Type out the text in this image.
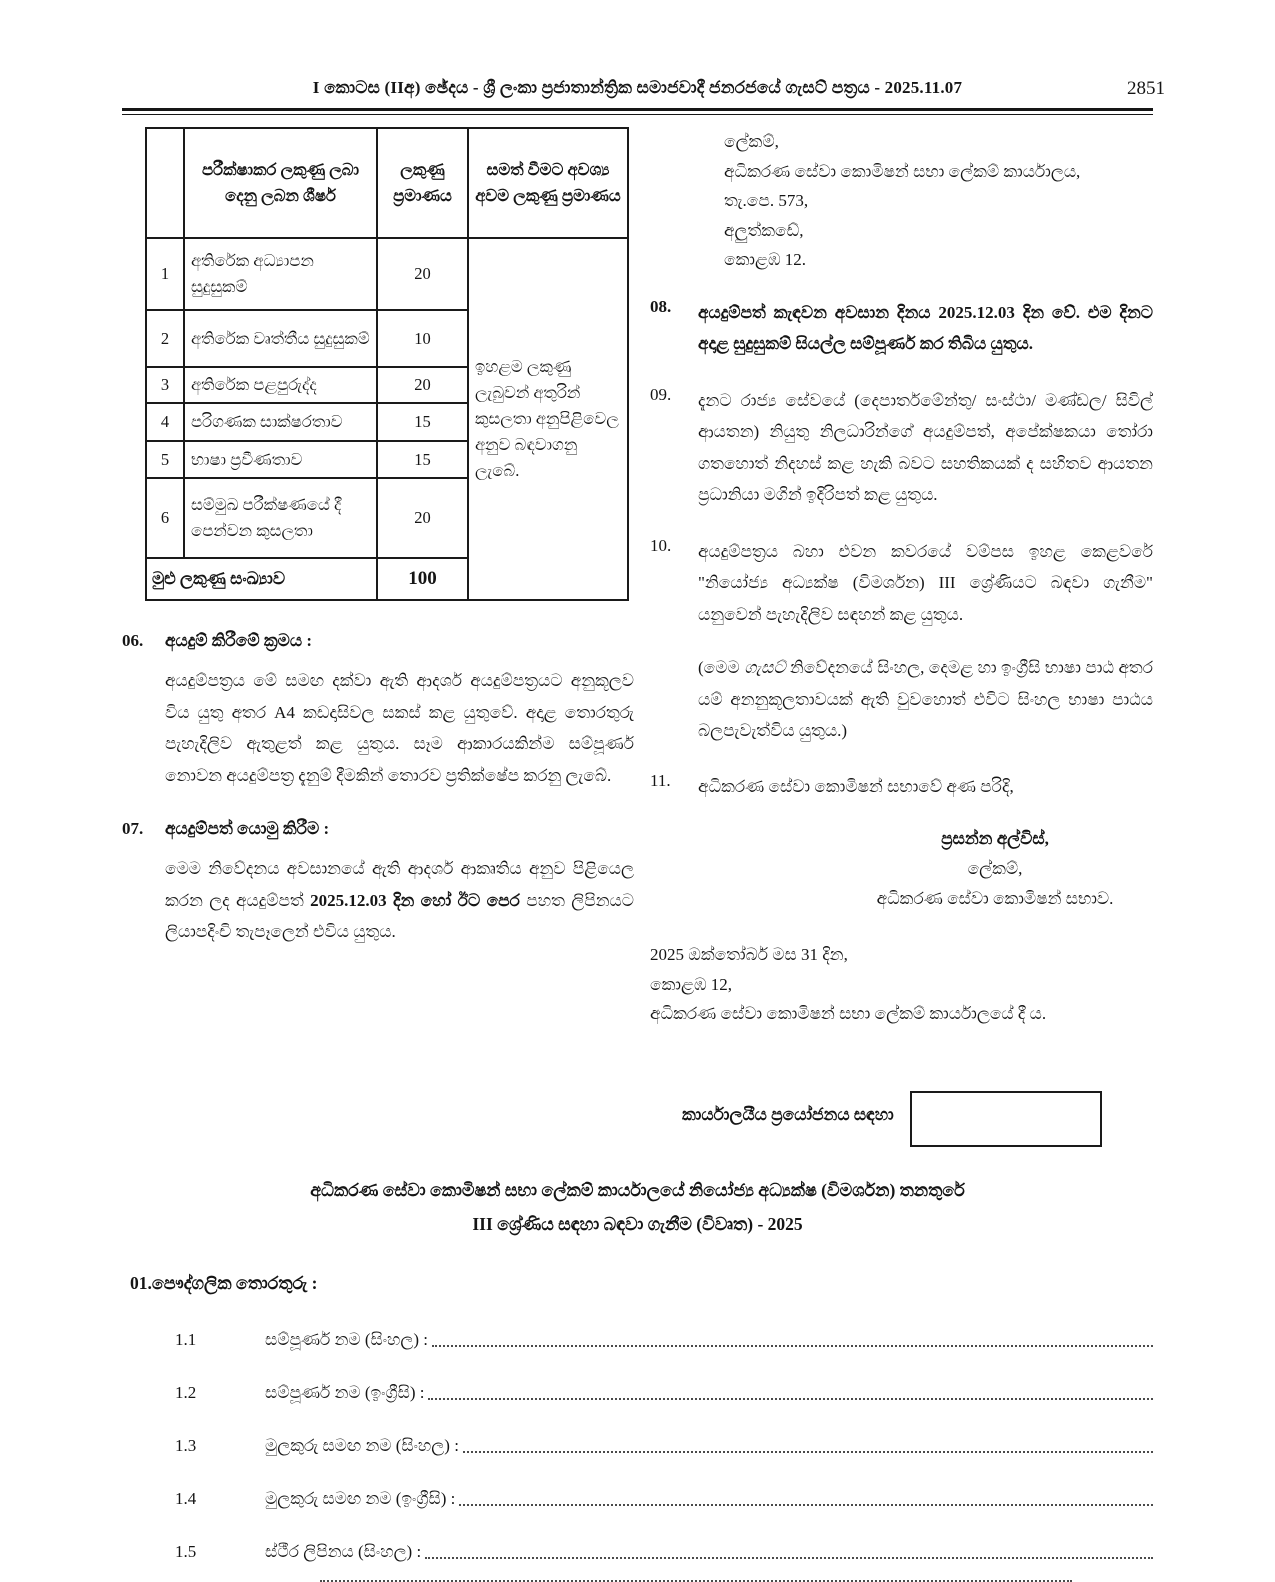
I කොටස (IIඅ) ඡේදය - ශ්‍රී ලංකා ප්‍රජාතාන්ත්‍රික සමාජවාදී ජනරජයේ ගැසට් පත්‍රය - 2025.11.07	2851
	පරීක්ෂාකර ලකුණු ලබා දෙනු ලබන ශීර්ෂ	ලකුණු ප්‍රමාණය	සමත් වීමට අවශ්‍ය අවම ලකුණු ප්‍රමාණය
1	අතිරේක අධ්‍යාපන සුදුසුකම්	20	ඉහළම ලකුණු ලැබුවන් අතුරින් කුසලතා අනුපිළිවෙල අනුව බඳවාගනු ලැබේ.
2	අතිරේක වෘත්තීය සුදුසුකම්	10	
3	අතිරේක පළපුරුද්ද	20	
4	පරිගණක සාක්ෂරතාව	15	
5	භාෂා ප්‍රවීණතාව	15	
6	සම්මුඛ පරීක්ෂණයේ දී පෙන්වන කුසලතා	20	
මුළු ලකුණු සංඛ්‍යාව		100	
06.	අයදුම් කිරීමේ ක්‍රමය :
අයදුම්පත්‍රය මේ සමඟ දක්වා ඇති ආදර්ශ අයදුම්පත්‍රයට අනුකූලව විය යුතු අතර A4 කඩදාසිවල සකස් කළ යුතුවේ. අදාළ තොරතුරු පැහැදිලිව ඇතුළත් කළ යුතුය. සෑම ආකාරයකින්ම සම්පූර්ණ නොවන අයදුම්පත්‍ර දැනුම් දීමකින් තොරව ප්‍රතික්ෂේප කරනු ලැබේ.
07.	අයදුම්පත් යොමු කිරීම :
මෙම නිවේදනය අවසානයේ ඇති ආදර්ශ ආකෘතිය අනුව පිළියෙල කරන ලද අයදුම්පත් 2025.12.03 දින හෝ ඊට පෙර පහත ලිපිනයට ලියාපදිංචි තැපෑලෙන් එවිය යුතුය.
ලේකම්,
අධිකරණ සේවා කොමිෂන් සභා ලේකම් කාර්යාලය,
තැ.පෙ. 573,
අලුත්කඩේ,
කොළඹ 12.
08.	අයදුම්පත් කැඳවන අවසාන දිනය 2025.12.03 දින වේ. එම දිනට අදාළ සුදුසුකම් සියල්ල සම්පූර්ණ කර තිබිය යුතුය.
09.	දැනට රාජ්‍ය සේවයේ (දෙපාර්තමේන්තු/ සංස්ථා/ මණ්ඩල/ සිවිල් ආයතන) නියුතු නිලධාරින්ගේ අයදුම්පත්, අපේක්ෂකයා තෝරා ගතහොත් නිදහස් කළ හැකි බවට සහතිකයක් ද සහිතව ආයතන ප්‍රධානියා මගින් ඉදිරිපත් කළ යුතුය.
10.	අයදුම්පත්‍රය බහා එවන කවරයේ වම්පස ඉහළ කෙළවරේ "නියෝජ්‍ය අධ්‍යක්ෂ (විමර්ශන) III ශ්‍රේණියට බඳවා ගැනීම" යනුවෙන් පැහැදිලිව සඳහන් කළ යුතුය.
(මෙම ගැසට් නිවේදනයේ සිංහල, දෙමළ හා ඉංග්‍රීසි භාෂා පාඨ අතර යම් අනනුකූලතාවයක් ඇති වුවහොත් එවිට සිංහල භාෂා පාඨය බලපැවැත්විය යුතුය.)
11.	අධිකරණ සේවා කොමිෂන් සභාවේ අණ පරිදි,
ප්‍රසන්න අල්විස්,
ලේකම්,
අධිකරණ සේවා කොමිෂන් සභාව.
2025 ඔක්තෝබර් මස 31 දින,
කොළඹ 12,
අධිකරණ සේවා කොමිෂන් සභා ලේකම් කාර්යාලයේ දී ය.
කාර්යාලයීය ප්‍රයෝජනය සඳහා
අධිකරණ සේවා කොමිෂන් සභා ලේකම් කාර්යාලයේ නියෝජ්‍ය අධ්‍යක්ෂ (විමර්ශන) තනතුරේ
III ශ්‍රේණිය සඳහා බඳවා ගැනීම (විවෘත) - 2025
01.පෞද්ගලික තොරතුරු :
1.1	සම්පූර්ණ නම (සිංහල) :
1.2	සම්පූර්ණ නම (ඉංග්‍රීසි) :
1.3	මුලකුරු සමඟ නම (සිංහල) :
1.4	මුලකුරු සමඟ නම (ඉංග්‍රීසි) :
1.5	ස්ථීර ලිපිනය (සිංහල) :
